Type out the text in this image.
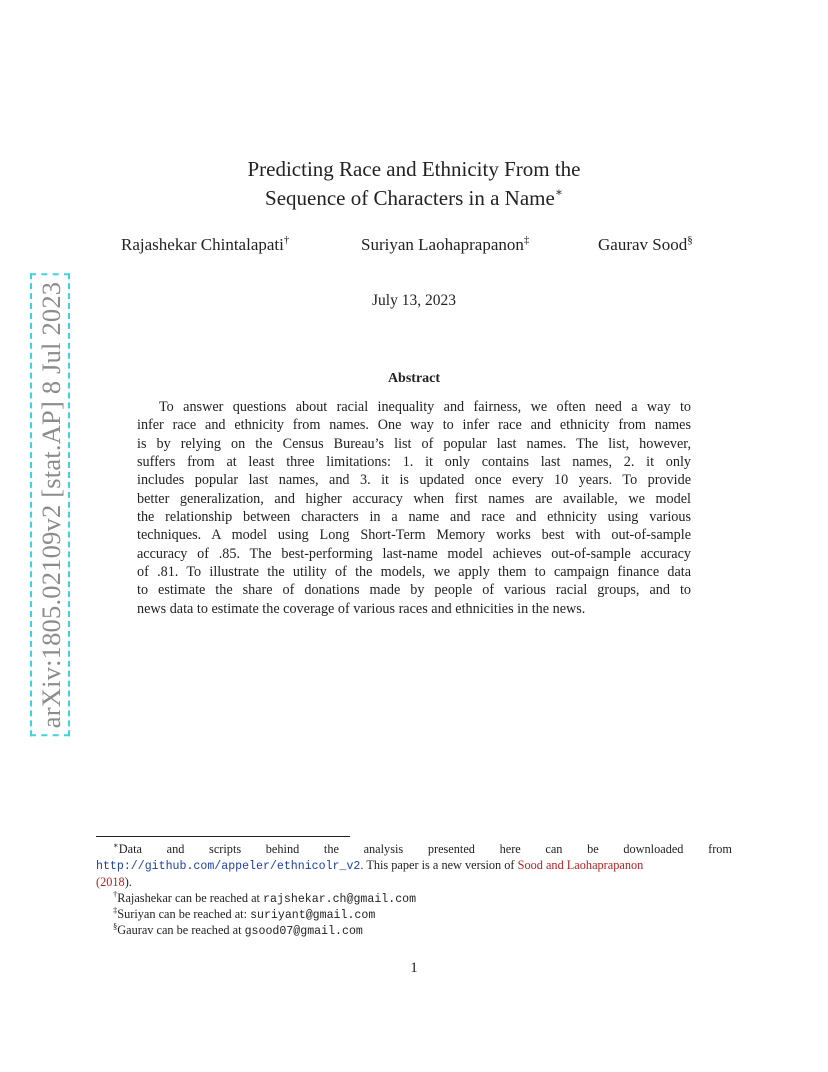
arXiv:1805.02109v2 [stat.AP] 8 Jul 2023
Predicting Race and Ethnicity From the
Sequence of Characters in a Name∗
Rajashekar Chintalapati†	Suriyan Laohaprapanon‡	Gaurav Sood§
July 13, 2023
Abstract
To answer questions about racial inequality and fairness, we often need a way to
infer race and ethnicity from names. One way to infer race and ethnicity from names
is by relying on the Census Bureau’s list of popular last names. The list, however,
suffers from at least three limitations: 1. it only contains last names, 2. it only
includes popular last names, and 3. it is updated once every 10 years. To provide
better generalization, and higher accuracy when first names are available, we model
the relationship between characters in a name and race and ethnicity using various
techniques. A model using Long Short-Term Memory works best with out-of-sample
accuracy of .85. The best-performing last-name model achieves out-of-sample accuracy
of .81. To illustrate the utility of the models, we apply them to campaign finance data
to estimate the share of donations made by people of various racial groups, and to
news data to estimate the coverage of various races and ethnicities in the news.
∗Data and scripts behind the analysis presented here can be downloaded from
http://github.com/appeler/ethnicolr_v2. This paper is a new version of Sood and Laohaprapanon
(2018).
†Rajashekar can be reached at rajshekar.ch@gmail.com
‡Suriyan can be reached at: suriyant@gmail.com
§Gaurav can be reached at gsood07@gmail.com
1
